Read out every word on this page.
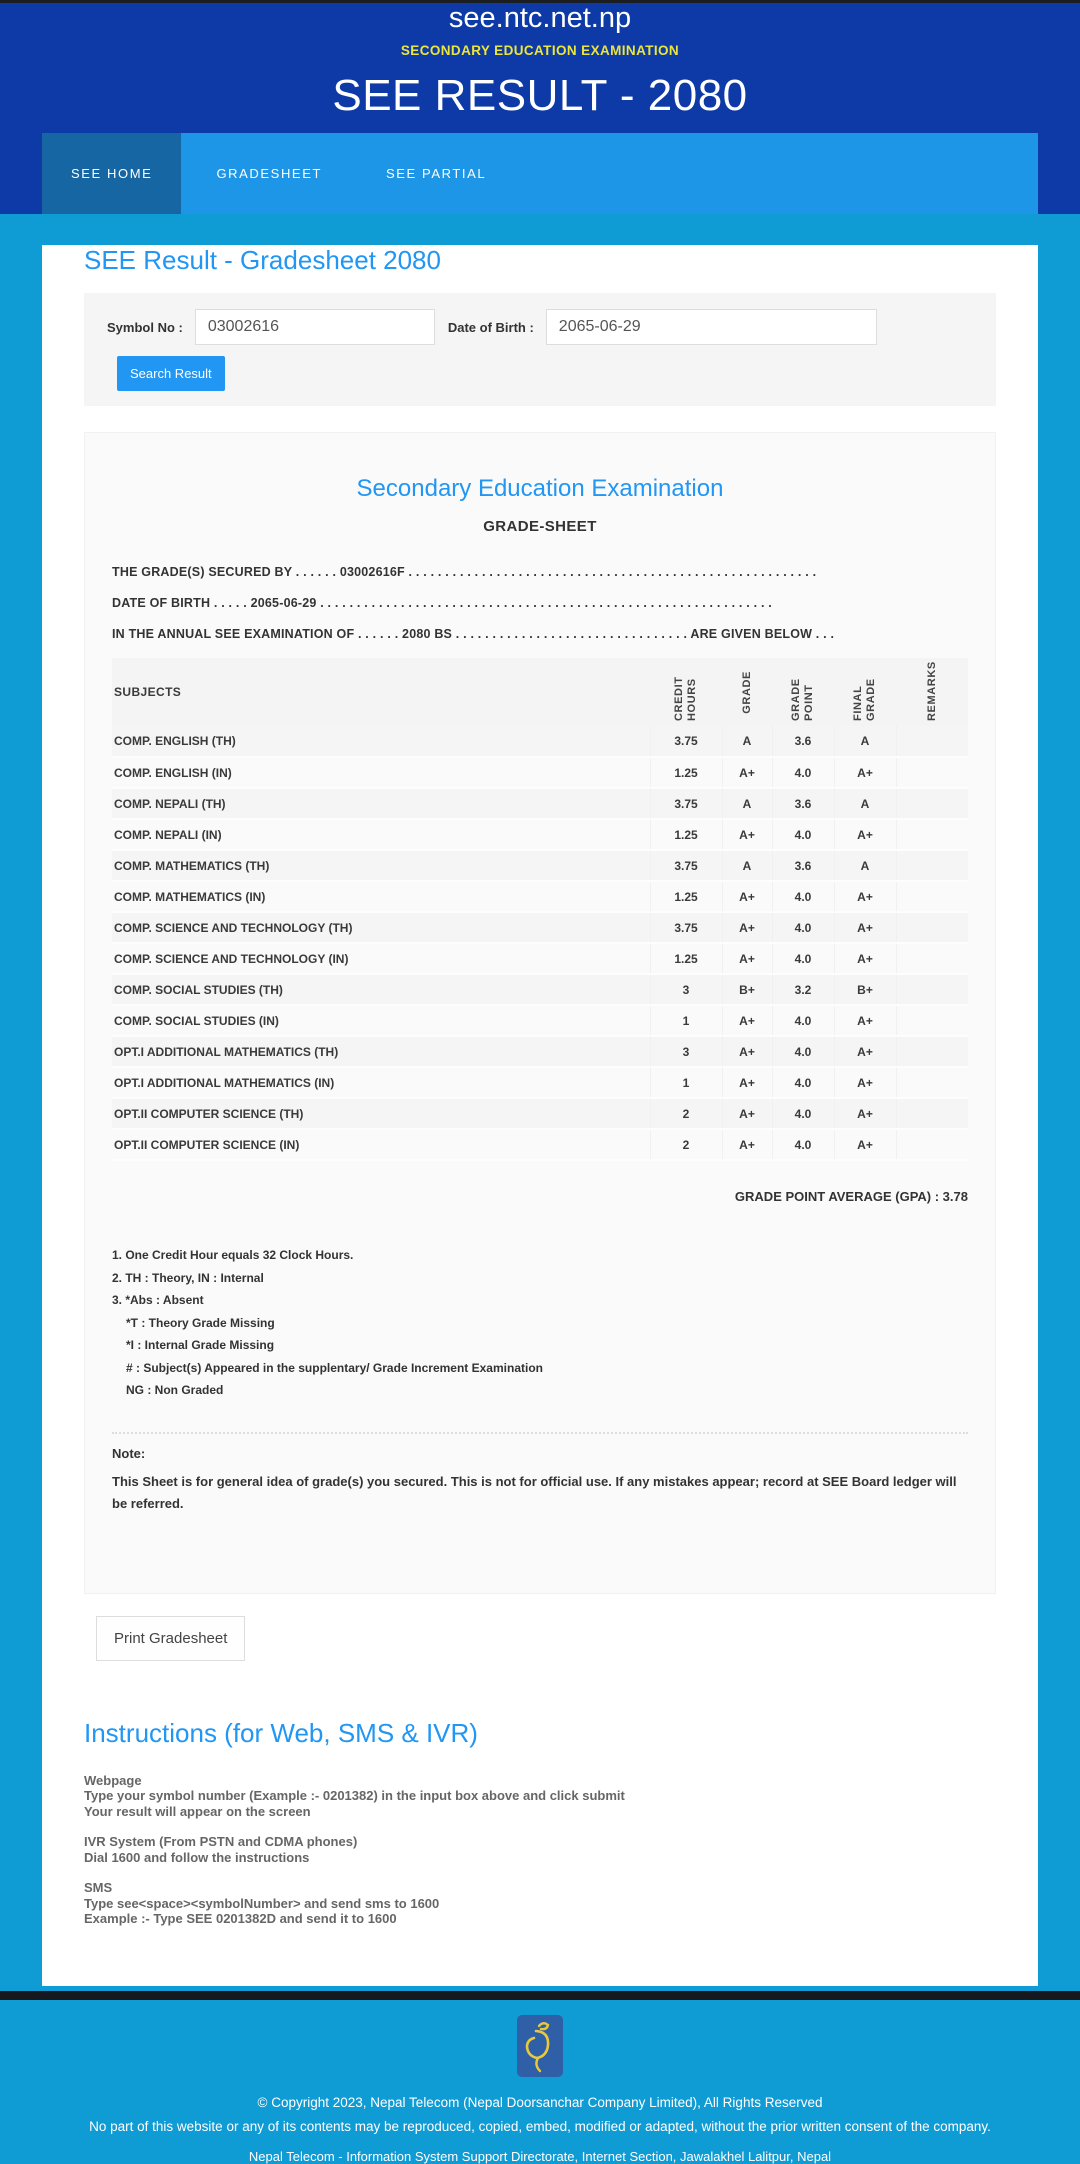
see.ntc.net.np
SECONDARY EDUCATION EXAMINATION
SEE RESULT - 2080
SEE HOME	GRADESHEET	SEE PARTIAL
SEE Result - Gradesheet 2080
Symbol No :
03002616	Date of Birth :
2065-06-29
Search Result
Secondary Education Examination
GRADE-SHEET
THE GRADE(S) SECURED BY . . . . . . 03002616F . . . . . . . . . . . . . . . . . . . . . . . . . . . . . . . . . . . . . . . . . . . . . . . . . . . . . . . .
DATE OF BIRTH . . . . . 2065-06-29 . . . . . . . . . . . . . . . . . . . . . . . . . . . . . . . . . . . . . . . . . . . . . . . . . . . . . . . . . . . . . .
IN THE ANNUAL SEE EXAMINATION OF . . . . . . 2080 BS . . . . . . . . . . . . . . . . . . . . . . . . . . . . . . . . ARE GIVEN BELOW . . .
SUBJECTS	CREDIT HOURS	GRADE	GRADE POINT	FINAL GRADE	REMARKS

COMP. ENGLISH (TH)	3.75	A	3.6	A	
COMP. ENGLISH (IN)	1.25	A+	4.0	A+	
COMP. NEPALI (TH)	3.75	A	3.6	A	
COMP. NEPALI (IN)	1.25	A+	4.0	A+	
COMP. MATHEMATICS (TH)	3.75	A	3.6	A	
COMP. MATHEMATICS (IN)	1.25	A+	4.0	A+	
COMP. SCIENCE AND TECHNOLOGY (TH)	3.75	A+	4.0	A+	
COMP. SCIENCE AND TECHNOLOGY (IN)	1.25	A+	4.0	A+	
COMP. SOCIAL STUDIES (TH)	3	B+	3.2	B+	
COMP. SOCIAL STUDIES (IN)	1	A+	4.0	A+	
OPT.I ADDITIONAL MATHEMATICS (TH)	3	A+	4.0	A+	
OPT.I ADDITIONAL MATHEMATICS (IN)	1	A+	4.0	A+	
OPT.II COMPUTER SCIENCE (TH)	2	A+	4.0	A+	
OPT.II COMPUTER SCIENCE (IN)	2	A+	4.0	A+	
GRADE POINT AVERAGE (GPA) : 3.78
1. One Credit Hour equals 32 Clock Hours.
2. TH : Theory, IN : Internal
3. *Abs : Absent
*T : Theory Grade Missing
*I : Internal Grade Missing
# : Subject(s) Appeared in the supplentary/ Grade Increment Examination
NG : Non Graded
Note:
This Sheet is for general idea of grade(s) you secured. This is not for official use. If any mistakes appear; record at SEE Board ledger will be referred.
Print Gradesheet
Instructions (for Web, SMS & IVR)
Webpage
Type your symbol number (Example :- 0201382) in the input box above and click submit
Your result will appear on the screen
IVR System (From PSTN and CDMA phones)
Dial 1600 and follow the instructions
SMS
Type see<space><symbolNumber> and send sms to 1600
Example :- Type SEE 0201382D and send it to 1600
© Copyright 2023, Nepal Telecom (Nepal Doorsanchar Company Limited), All Rights Reserved
No part of this website or any of its contents may be reproduced, copied, embed, modified or adapted, without the prior written consent of the company.
Nepal Telecom - Information System Support Directorate, Internet Section, Jawalakhel Lalitpur, Nepal
